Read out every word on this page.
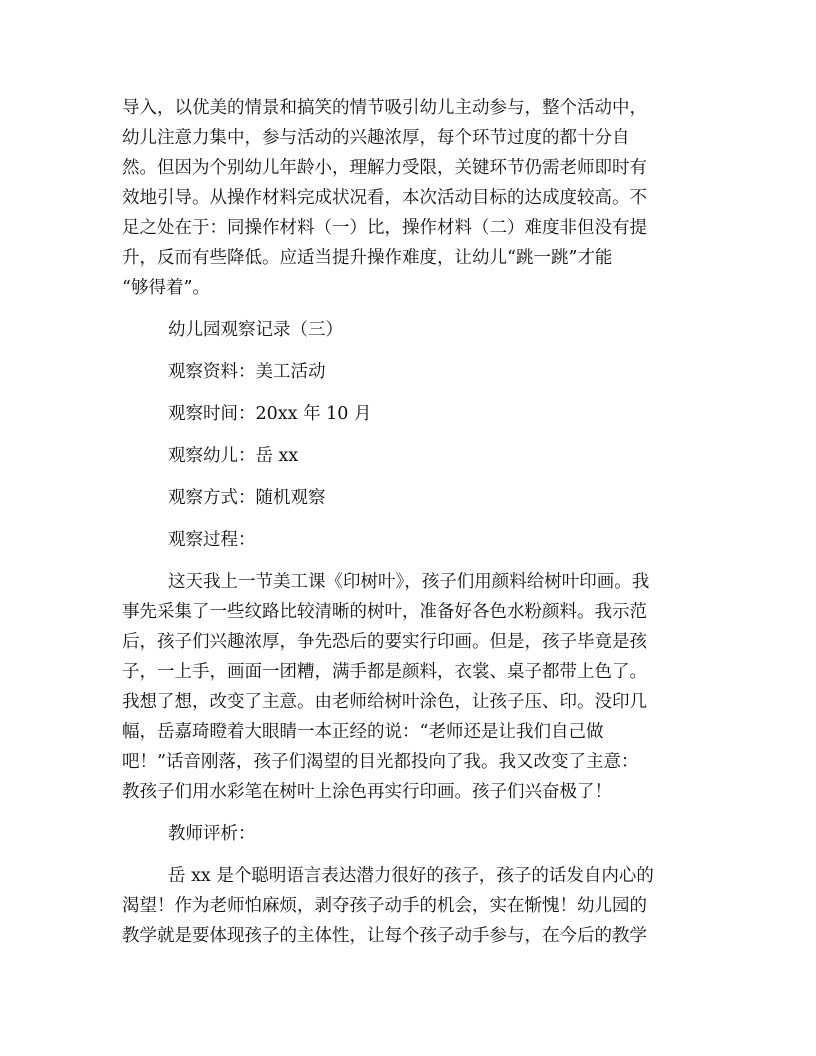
导入，以优美的情景和搞笑的情节吸引幼儿主动参与，整个活动中，
幼儿注意力集中，参与活动的兴趣浓厚，每个环节过度的都十分自
然。但因为个别幼儿年龄小，理解力受限，关键环节仍需老师即时有
效地引导。从操作材料完成状况看，本次活动目标的达成度较高。不
足之处在于：同操作材料（一）比，操作材料（二）难度非但没有提
升，反而有些降低。应适当提升操作难度，让幼儿“跳一跳”才能
“够得着”。
幼儿园观察记录（三）
观察资料：美工活动
观察时间：20xx 年 10 月
观察幼儿：岳 xx
观察方式：随机观察
观察过程：
这天我上一节美工课《印树叶》，孩子们用颜料给树叶印画。我
事先采集了一些纹路比较清晰的树叶，准备好各色水粉颜料。我示范
后，孩子们兴趣浓厚，争先恐后的要实行印画。但是，孩子毕竟是孩
子，一上手，画面一团糟，满手都是颜料，衣裳、桌子都带上色了。
我想了想，改变了主意。由老师给树叶涂色，让孩子压、印。没印几
幅，岳嘉琦瞪着大眼睛一本正经的说：“老师还是让我们自己做
吧！”话音刚落，孩子们渴望的目光都投向了我。我又改变了主意：
教孩子们用水彩笔在树叶上涂色再实行印画。孩子们兴奋极了！
教师评析：
岳 xx 是个聪明语言表达潜力很好的孩子，孩子的话发自内心的
渴望！作为老师怕麻烦，剥夺孩子动手的机会，实在惭愧！幼儿园的
教学就是要体现孩子的主体性，让每个孩子动手参与，在今后的教学
